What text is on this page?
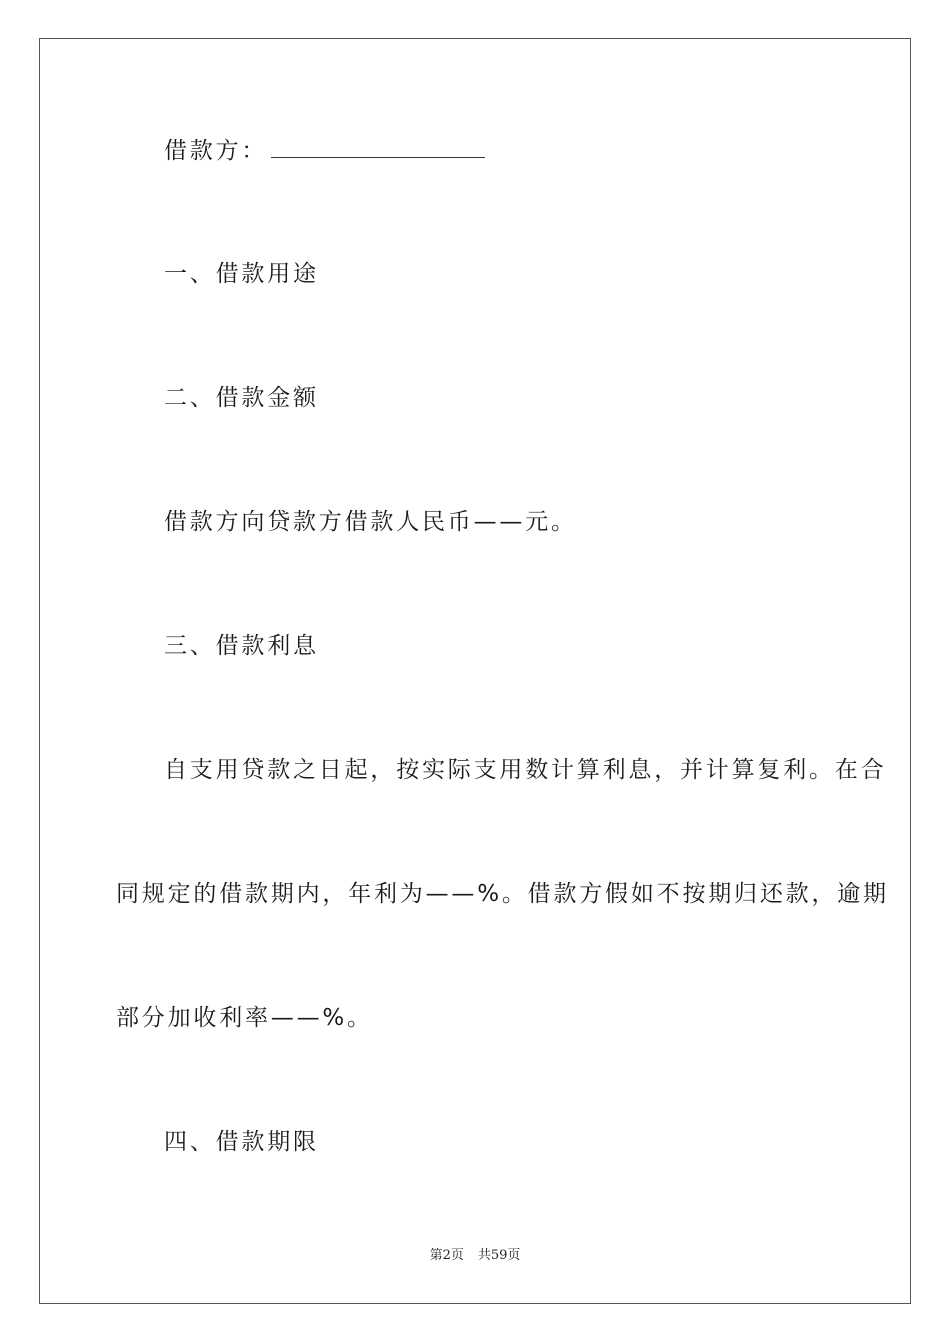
借款方：
一、借款用途
二、借款金额
借款方向贷款方借款人民币——元。
三、借款利息
自支用贷款之日起，按实际支用数计算利息，并计算复利。在合
同规定的借款期内，年利为——%。借款方假如不按期归还款，逾期
部分加收利率——%。
四、借款期限
第2页 共59页
